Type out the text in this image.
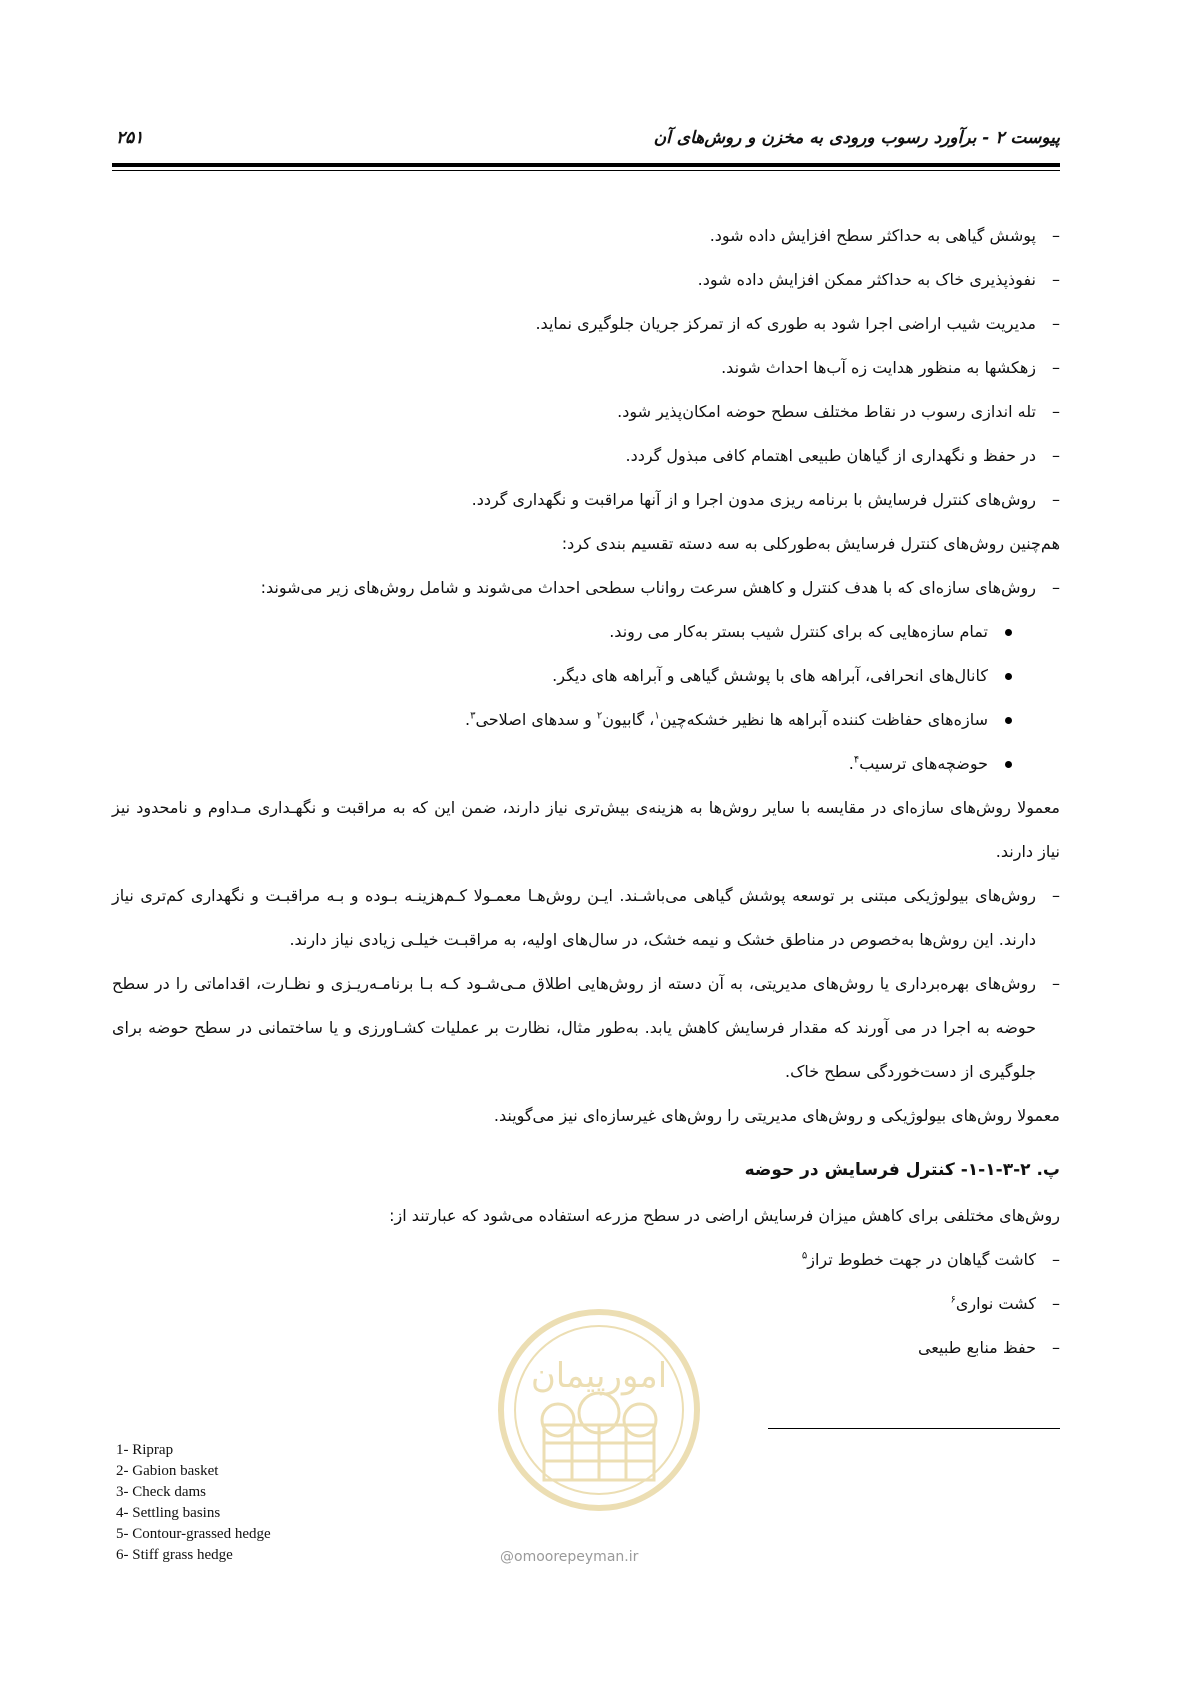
پیوست ۲ - برآورد رسوب ورودی به مخزن و روش‌های آن
۲۵۱
– پوشش گیاهی به حداکثر سطح افزایش داده شود.
– نفوذپذیری خاک به حداکثر ممکن افزایش داده شود.
– مدیریت شیب اراضی اجرا شود به طوری که از تمرکز جریان جلوگیری نماید.
– زهکشها به منظور هدایت زه آب‌ها احداث شوند.
– تله اندازی رسوب در نقاط مختلف سطح حوضه امکان‌پذیر شود.
– در حفظ و نگهداری از گیاهان طبیعی اهتمام کافی مبذول گردد.
– روش‌های کنترل فرسایش با برنامه ریزی مدون اجرا و از آنها مراقبت و نگهداری گردد.
هم‌چنین روش‌های کنترل فرسایش به‌طورکلی به سه دسته تقسیم بندی کرد:
– روش‌های سازه‌ای که با هدف کنترل و کاهش سرعت رواناب سطحی احداث می‌شوند و شامل روش‌های زیر می‌شوند:
تمام سازه‌هایی که برای کنترل شیب بستر به‌کار می روند.
کانال‌های انحرافی، آبراهه های با پوشش گیاهی و آبراهه های دیگر.
سازه‌های حفاظت کننده آبراهه ها نظیر خشکه‌چین$^۱$، گابیون$^۲$ و سدهای اصلاحی$^۳$.
حوضچه‌های ترسیب$^۴$.
معمولا روش‌های سازه‌ای در مقایسه با سایر روش‌ها به هزینه‌ی بیش‌تری نیاز دارند، ضمن این که به مراقبت و نگهـداری مـداوم و نامحدود نیز نیاز دارند.
– روش‌های بیولوژیکی مبتنی بر توسعه پوشش گیاهی می‌باشـند. ایـن روش‌هـا معمـولا کـم‌هزینـه بـوده و بـه مراقبـت و نگهداری کم‌تری نیاز دارند. این روش‌ها به‌خصوص در مناطق خشک و نیمه خشک، در سال‌های اولیه، به مراقبـت خیلـی زیادی نیاز دارند.
– روش‌های بهره‌برداری یا روش‌های مدیریتی، به آن دسته از روش‌هایی اطلاق مـی‌شـود کـه بـا برنامـه‌ریـزی و نظـارت، اقداماتی را در سطح حوضه به اجرا در می آورند که مقدار فرسایش کاهش یابد. به‌طور مثال، نظارت بر عملیات کشـاورزی و یا ساختمانی در سطح حوضه برای جلوگیری از دست‌خوردگی سطح خاک.
معمولا روش‌های بیولوژیکی و روش‌های مدیریتی را روش‌های غیرسازه‌ای نیز می‌گویند.
پ. ۲-۳-۱-۱- کنترل فرسایش در حوضه
روش‌های مختلفی برای کاهش میزان فرسایش اراضی در سطح مزرعه استفاده می‌شود که عبارتند از:
– کاشت گیاهان در جهت خطوط تراز$^۵$
– کشت نواری$^۶$
– حفظ منابع طبیعی
1- Riprap
2- Gabion basket
3- Check dams
4- Settling basins
5- Contour-grassed hedge
6- Stiff grass hedge
امورپیمان
@omoorepeyman.ir
